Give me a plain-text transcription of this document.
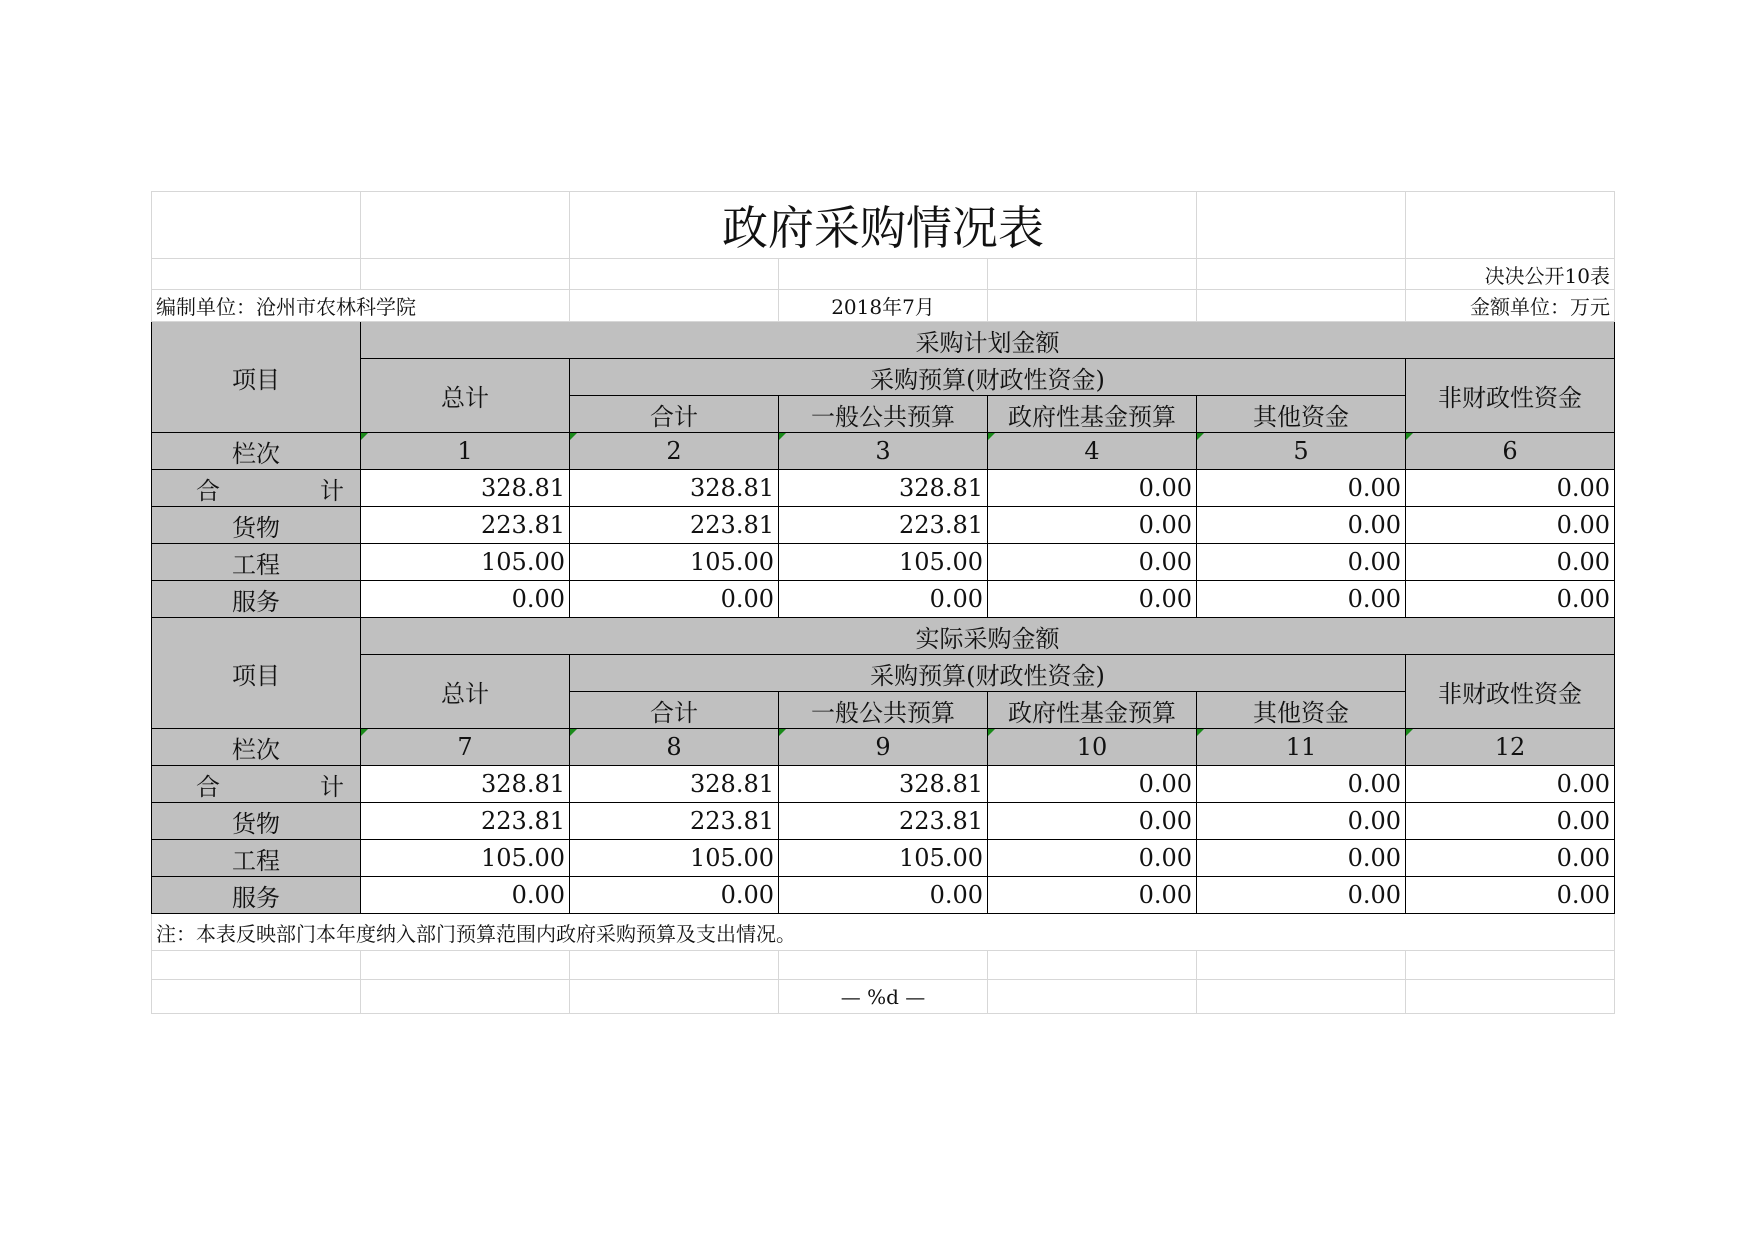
		政府采购情况表				
						决决公开10表
编制单位：沧州市农林科学院			2018年7月			金额单位：万元
项目	采购计划金额					
	总计	采购预算(财政性资金)				非财政性资金
		合计	一般公共预算	政府性基金预算	其他资金	
栏次	1	2	3	4	5	6
合 计	328.81	328.81	328.81	0.00	0.00	0.00
货物	223.81	223.81	223.81	0.00	0.00	0.00
工程	105.00	105.00	105.00	0.00	0.00	0.00
服务	0.00	0.00	0.00	0.00	0.00	0.00
项目	实际采购金额					
	总计	采购预算(财政性资金)				非财政性资金
		合计	一般公共预算	政府性基金预算	其他资金	
栏次	7	8	9	10	11	12
合 计	328.81	328.81	328.81	0.00	0.00	0.00
货物	223.81	223.81	223.81	0.00	0.00	0.00
工程	105.00	105.00	105.00	0.00	0.00	0.00
服务	0.00	0.00	0.00	0.00	0.00	0.00
注：本表反映部门本年度纳入部门预算范围内政府采购预算及支出情况。						

			— %d —			
